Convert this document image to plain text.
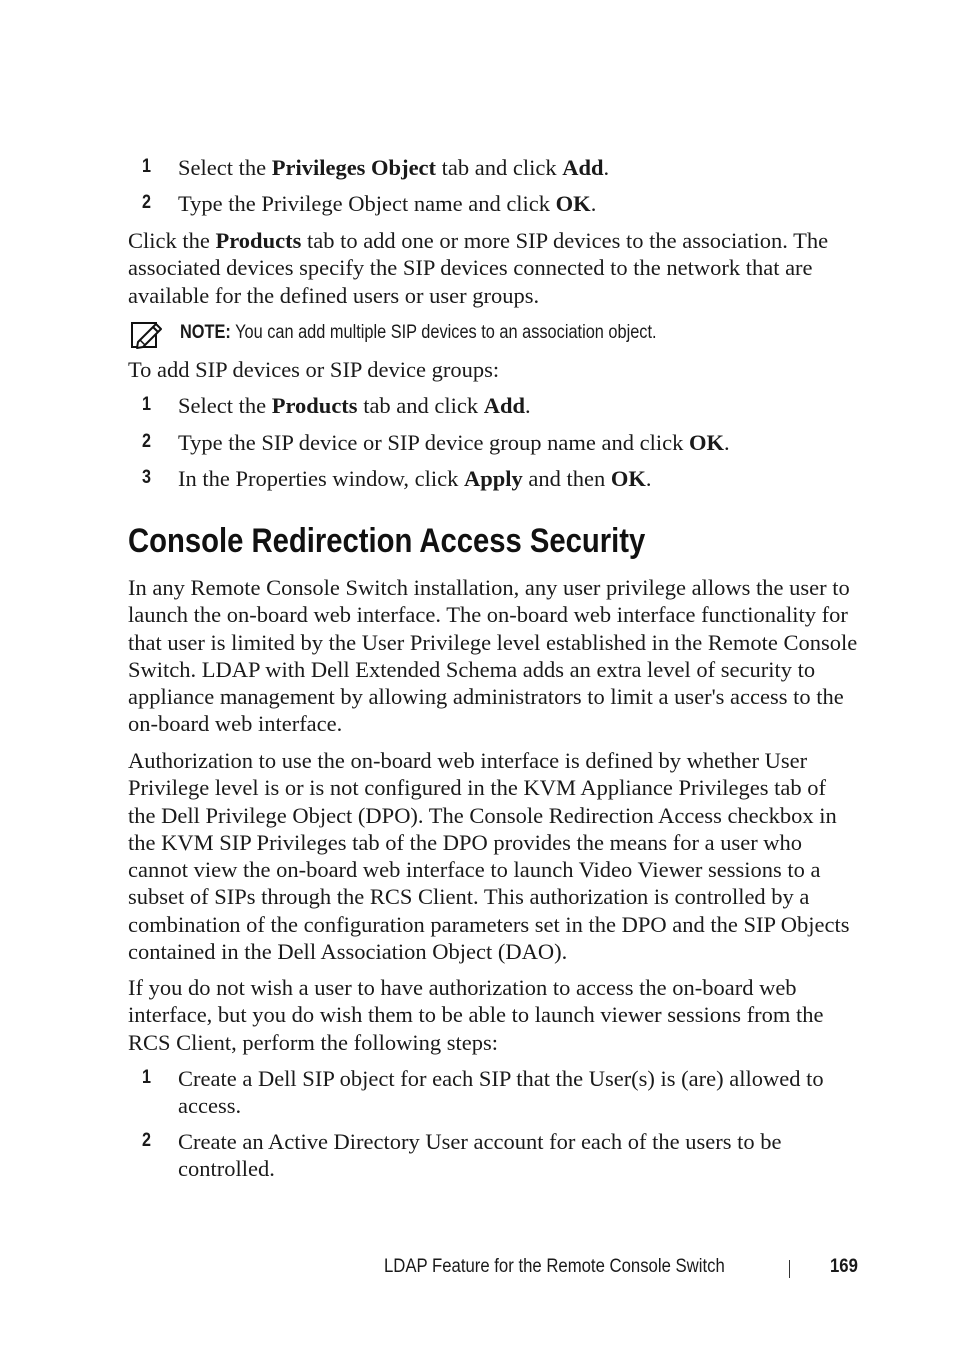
1 Select the Privileges Object tab and click Add.
2 Type the Privilege Object name and click OK.
Click the Products tab to add one or more SIP devices to the association. The associated devices specify the SIP devices connected to the network that are available for the defined users or user groups.
NOTE: You can add multiple SIP devices to an association object.
To add SIP devices or SIP device groups:
1 Select the Products tab and click Add.
2 Type the SIP device or SIP device group name and click OK.
3 In the Properties window, click Apply and then OK.
Console Redirection Access Security
In any Remote Console Switch installation, any user privilege allows the user to launch the on-board web interface. The on-board web interface functionality for that user is limited by the User Privilege level established in the Remote Console Switch. LDAP with Dell Extended Schema adds an extra level of security to appliance management by allowing administrators to limit a user's access to the on-board web interface.
Authorization to use the on-board web interface is defined by whether User Privilege level is or is not configured in the KVM Appliance Privileges tab of the Dell Privilege Object (DPO). The Console Redirection Access checkbox in the KVM SIP Privileges tab of the DPO provides the means for a user who cannot view the on-board web interface to launch Video Viewer sessions to a subset of SIPs through the RCS Client. This authorization is controlled by a combination of the configuration parameters set in the DPO and the SIP Objects contained in the Dell Association Object (DAO).
If you do not wish a user to have authorization to access the on-board web interface, but you do wish them to be able to launch viewer sessions from the RCS Client, perform the following steps:
1 Create a Dell SIP object for each SIP that the User(s) is (are) allowed to access.
2 Create an Active Directory User account for each of the users to be controlled.
LDAP Feature for the Remote Console Switch	169
